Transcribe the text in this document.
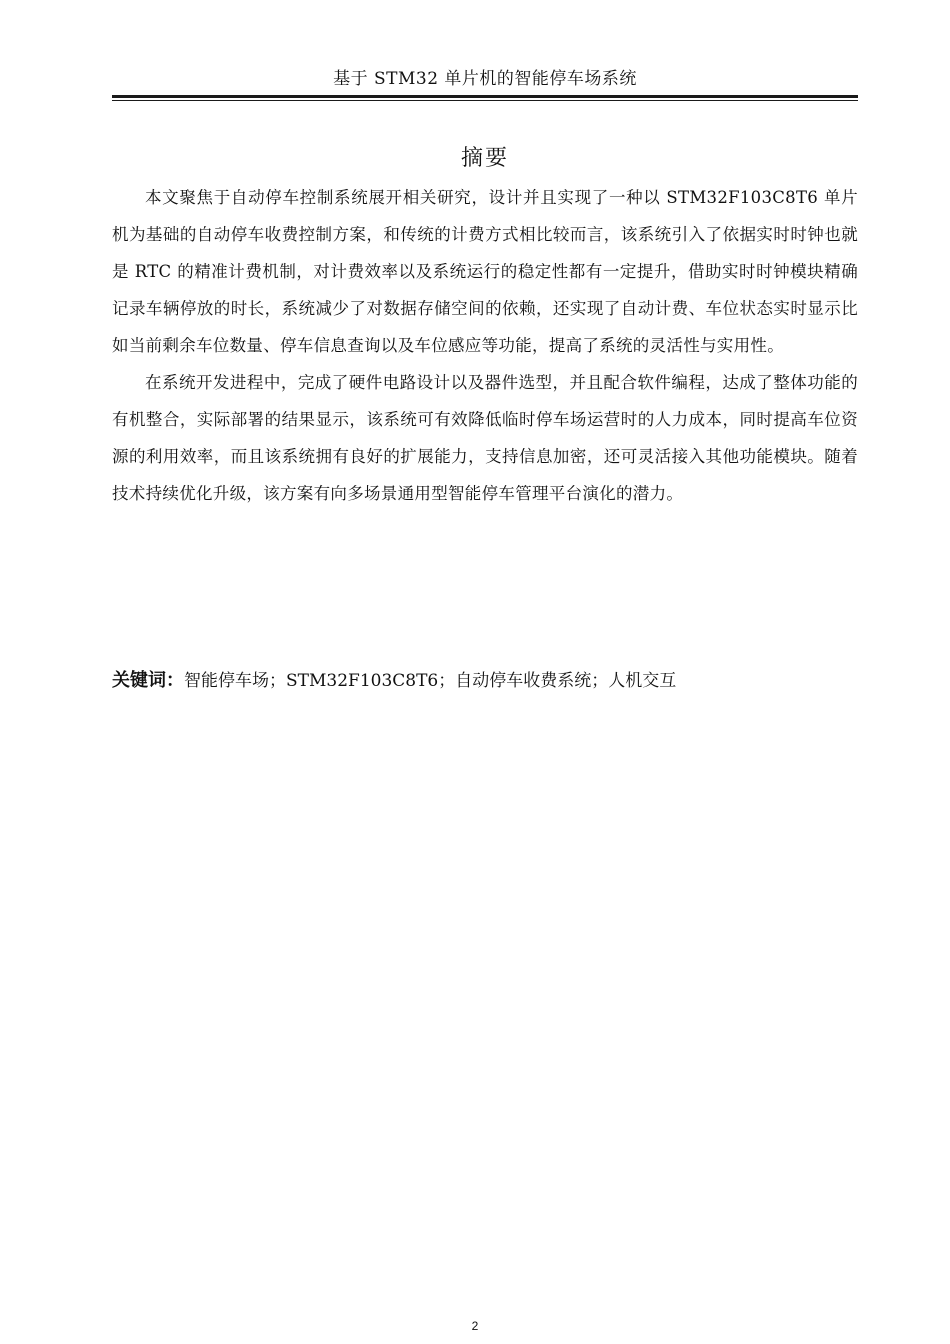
基于 STM32 单片机的智能停车场系统
摘要

本文聚焦于自动停车控制系统展开相关研究，设计并且实现了一种以 STM32F103C8T6 单片机为基础的自动停车收费控制方案，和传统的计费方式相比较而言，该系统引入了依据实时时钟也就是 RTC 的精准计费机制，对计费效率以及系统运行的稳定性都有一定提升，借助实时时钟模块精确记录车辆停放的时长，系统减少了对数据存储空间的依赖，还实现了自动计费、车位状态实时显示比如当前剩余车位数量、停车信息查询以及车位感应等功能，提高了系统的灵活性与实用性。

在系统开发进程中，完成了硬件电路设计以及器件选型，并且配合软件编程，达成了整体功能的有机整合，实际部署的结果显示，该系统可有效降低临时停车场运营时的人力成本，同时提高车位资源的利用效率，而且该系统拥有良好的扩展能力，支持信息加密，还可灵活接入其他功能模块。随着技术持续优化升级，该方案有向多场景通用型智能停车管理平台演化的潜力。

关键词：智能停车场；STM32F103C8T6；自动停车收费系统；人机交互
2
